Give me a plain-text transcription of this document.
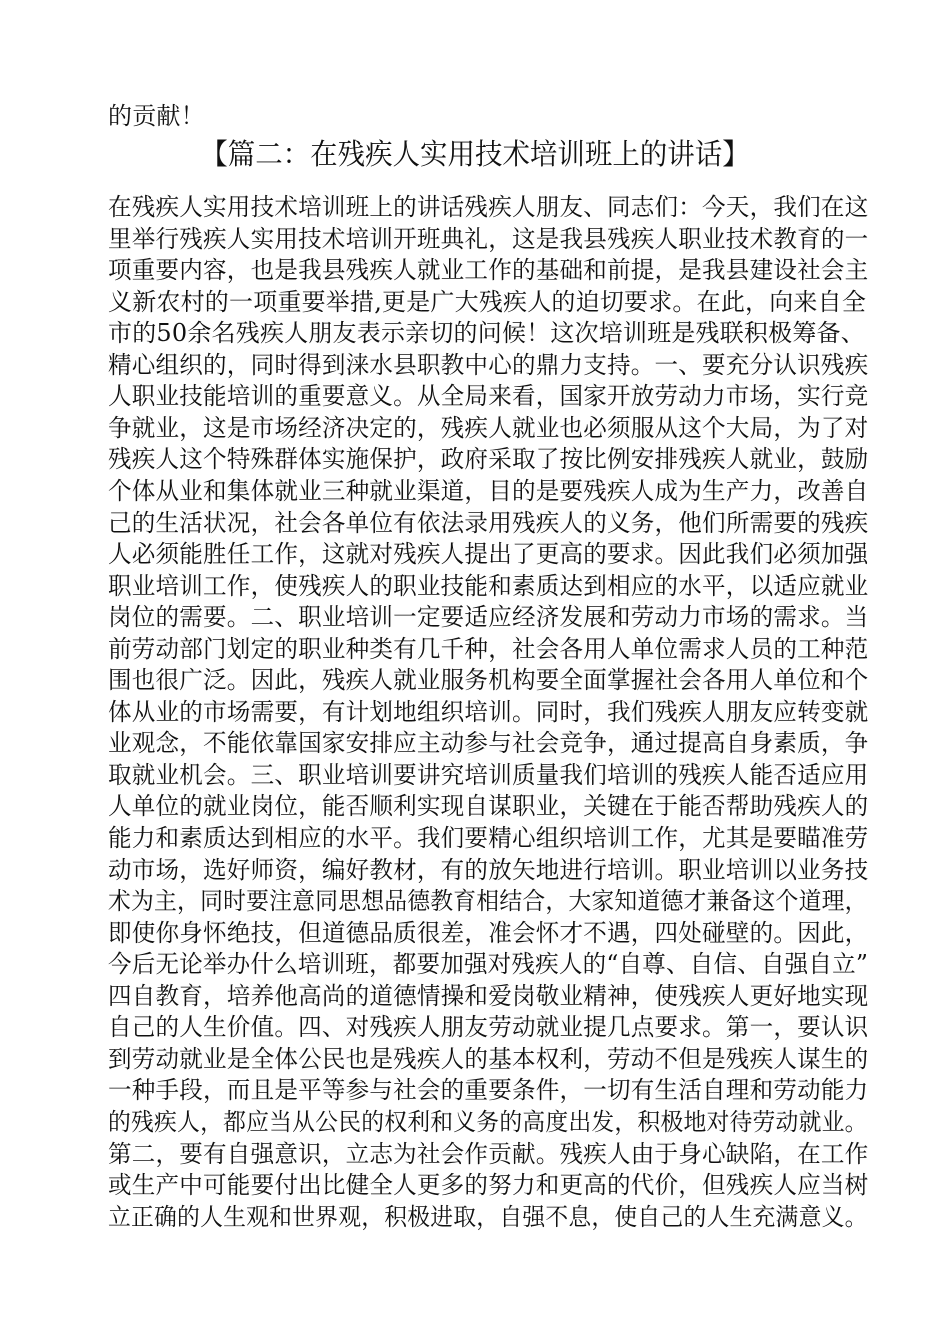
的贡献！
【篇二：在残疾人实用技术培训班上的讲话】
在残疾人实用技术培训班上的讲话残疾人朋友、同志们：今天，我们在这
里举行残疾人实用技术培训开班典礼，这是我县残疾人职业技术教育的一
项重要内容，也是我县残疾人就业工作的基础和前提，是我县建设社会主
义新农村的一项重要举措,更是广大残疾人的迫切要求。在此，向来自全
市的50余名残疾人朋友表示亲切的问候！这次培训班是残联积极筹备、
精心组织的，同时得到涞水县职教中心的鼎力支持。一、要充分认识残疾
人职业技能培训的重要意义。从全局来看，国家开放劳动力市场，实行竞
争就业，这是市场经济决定的，残疾人就业也必须服从这个大局，为了对
残疾人这个特殊群体实施保护，政府采取了按比例安排残疾人就业，鼓励
个体从业和集体就业三种就业渠道，目的是要残疾人成为生产力，改善自
己的生活状况，社会各单位有依法录用残疾人的义务，他们所需要的残疾
人必须能胜任工作，这就对残疾人提出了更高的要求。因此我们必须加强
职业培训工作，使残疾人的职业技能和素质达到相应的水平，以适应就业
岗位的需要。二、职业培训一定要适应经济发展和劳动力市场的需求。当
前劳动部门划定的职业种类有几千种，社会各用人单位需求人员的工种范
围也很广泛。因此，残疾人就业服务机构要全面掌握社会各用人单位和个
体从业的市场需要，有计划地组织培训。同时，我们残疾人朋友应转变就
业观念，不能依靠国家安排应主动参与社会竞争，通过提高自身素质，争
取就业机会。三、职业培训要讲究培训质量我们培训的残疾人能否适应用
人单位的就业岗位，能否顺利实现自谋职业，关键在于能否帮助残疾人的
能力和素质达到相应的水平。我们要精心组织培训工作，尤其是要瞄准劳
动市场，选好师资，编好教材，有的放矢地进行培训。职业培训以业务技
术为主，同时要注意同思想品德教育相结合，大家知道德才兼备这个道理，
即使你身怀绝技，但道德品质很差，准会怀才不遇，四处碰壁的。因此，
今后无论举办什么培训班，都要加强对残疾人的“自尊、自信、自强自立”
四自教育，培养他高尚的道德情操和爱岗敬业精神，使残疾人更好地实现
自己的人生价值。四、对残疾人朋友劳动就业提几点要求。第一，要认识
到劳动就业是全体公民也是残疾人的基本权利，劳动不但是残疾人谋生的
一种手段，而且是平等参与社会的重要条件，一切有生活自理和劳动能力
的残疾人，都应当从公民的权利和义务的高度出发，积极地对待劳动就业。
第二，要有自强意识，立志为社会作贡献。残疾人由于身心缺陷，在工作
或生产中可能要付出比健全人更多的努力和更高的代价，但残疾人应当树
立正确的人生观和世界观，积极进取，自强不息，使自己的人生充满意义。
